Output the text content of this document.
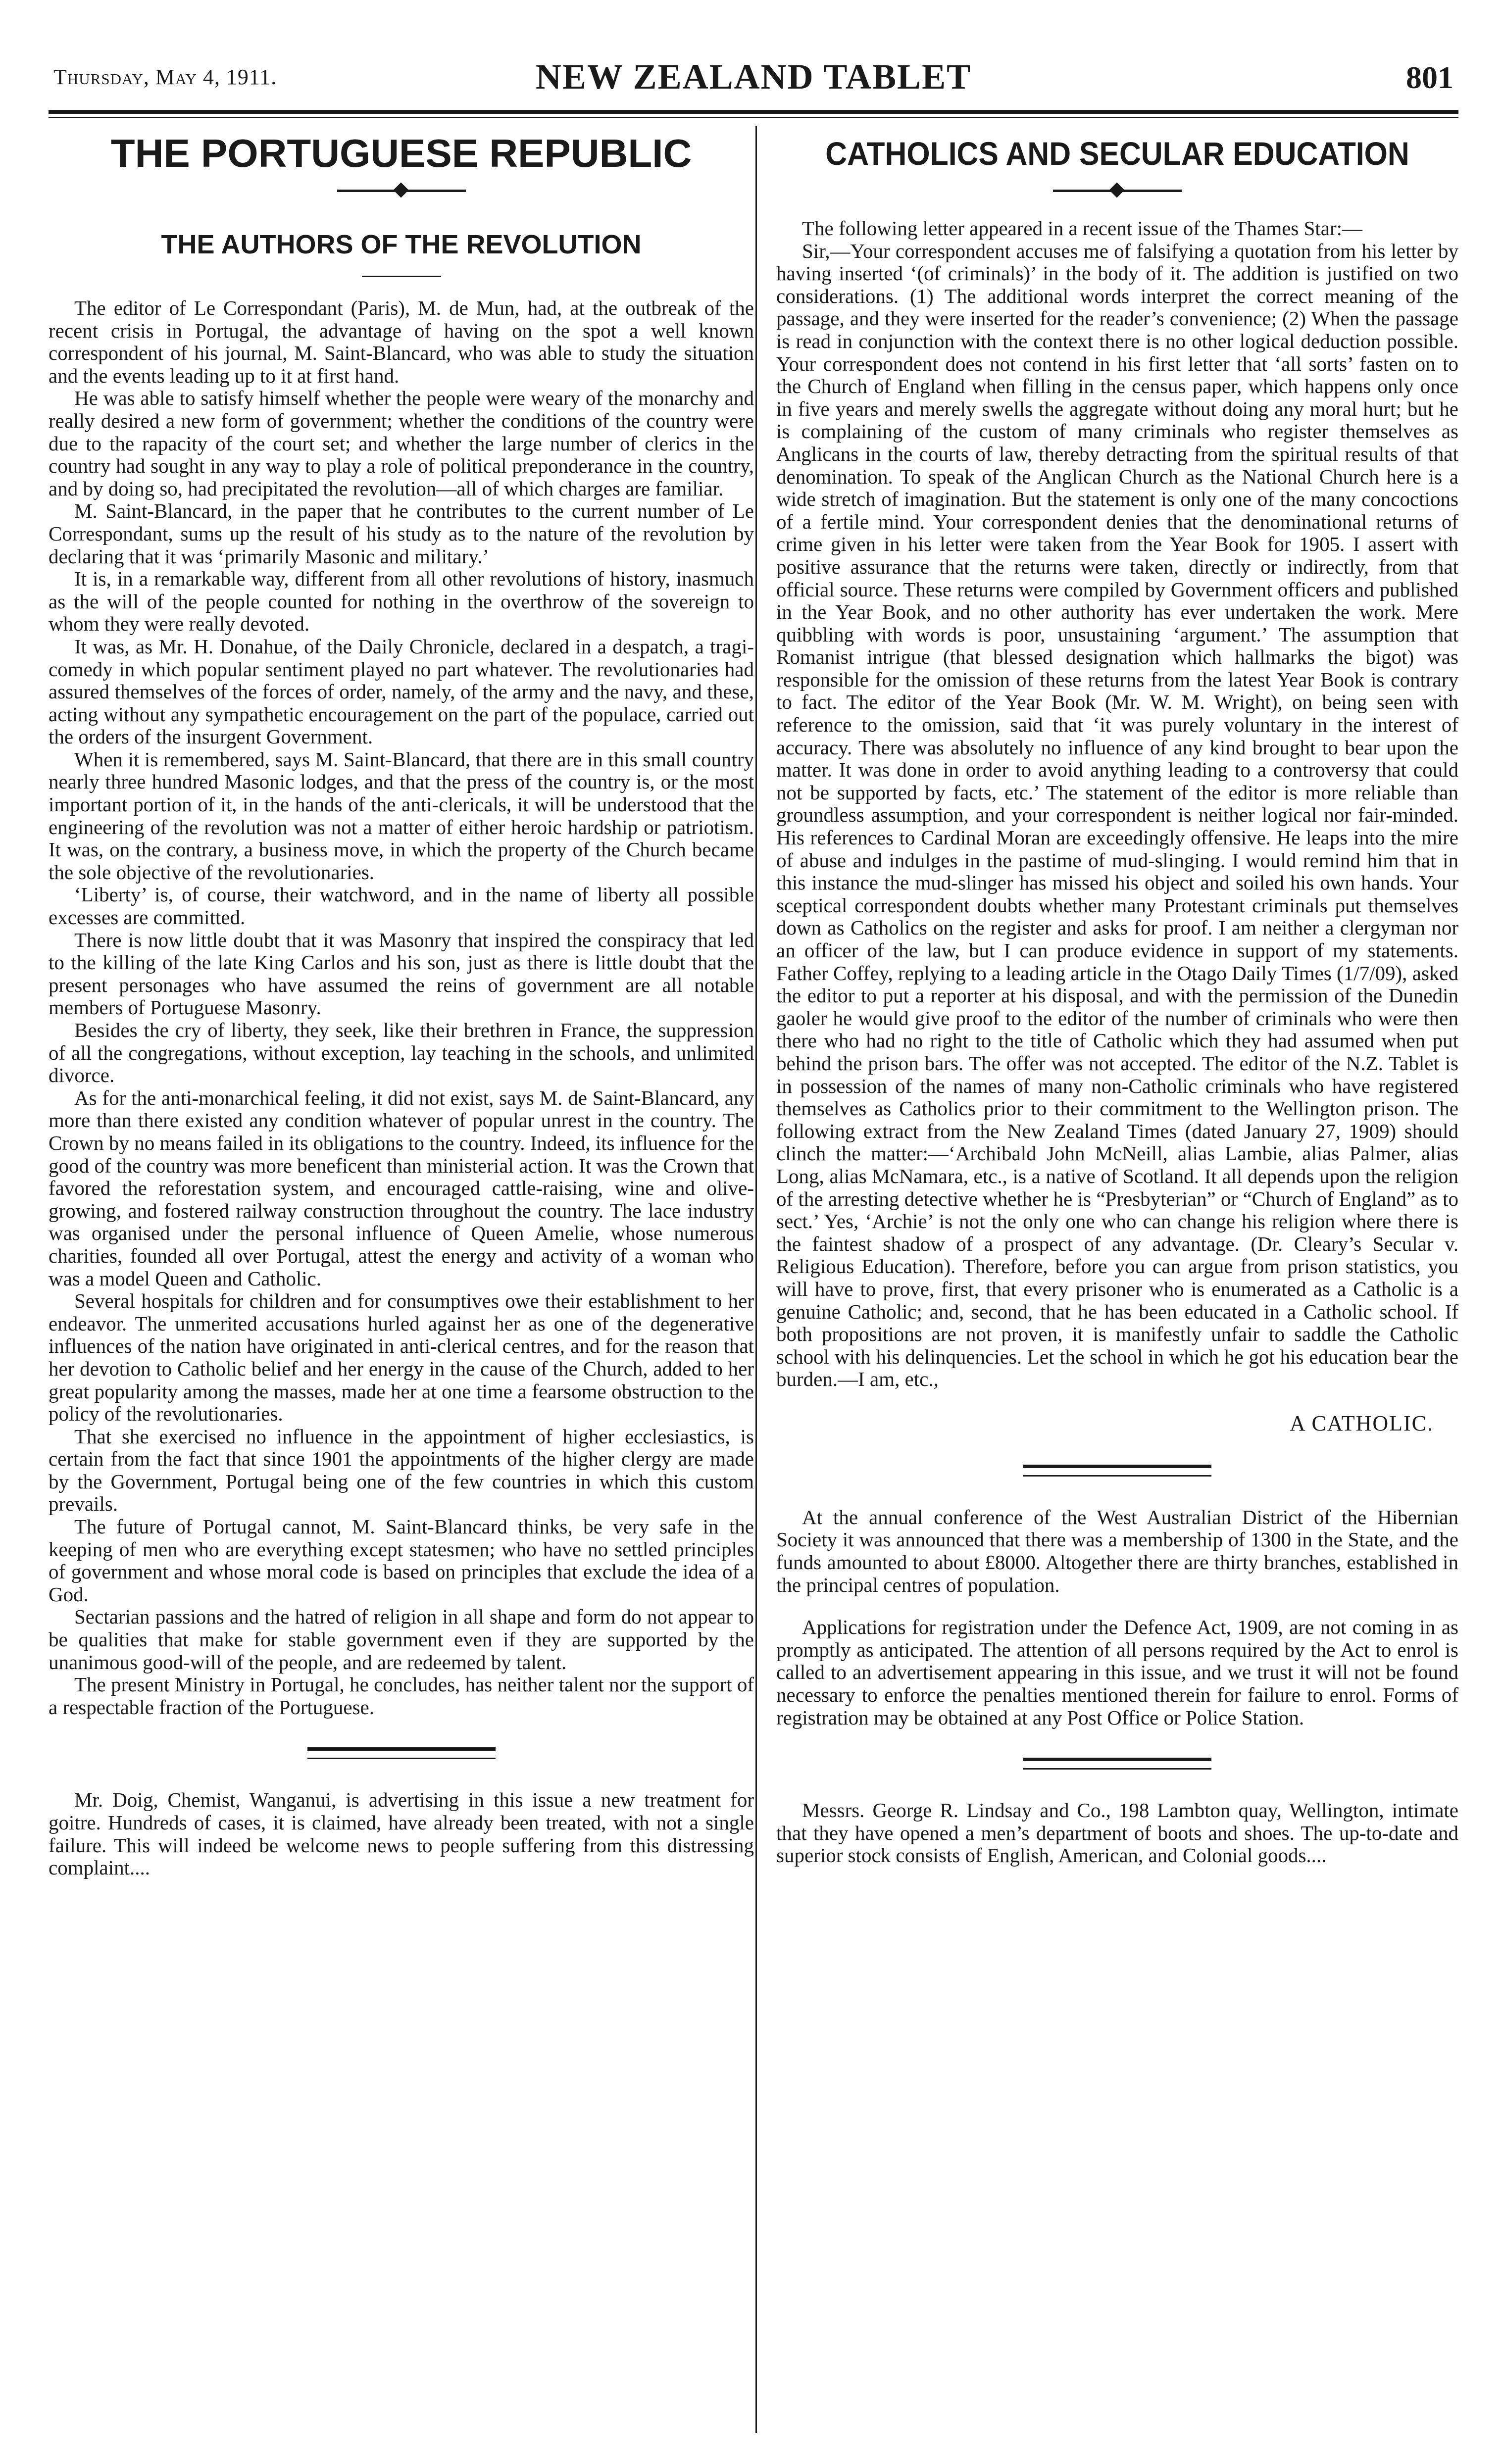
Thursday, May 4, 1911.	NEW ZEALAND TABLET	801
THE PORTUGUESE REPUBLIC
THE AUTHORS OF THE REVOLUTION

The editor of Le Correspondant (Paris), M. de Mun, had, at the outbreak of the recent crisis in Portugal, the advantage of having on the spot a well known correspondent of his journal, M. Saint-Blancard, who was able to study the situation and the events leading up to it at first hand.

He was able to satisfy himself whether the people were weary of the monarchy and really desired a new form of government; whether the conditions of the country were due to the rapacity of the court set; and whether the large number of clerics in the country had sought in any way to play a role of political preponderance in the country, and by doing so, had precipitated the revolution—all of which charges are familiar.

M. Saint-Blancard, in the paper that he contributes to the current number of Le Correspondant, sums up the result of his study as to the nature of the revolution by declaring that it was ‘primarily Masonic and military.’

It is, in a remarkable way, different from all other revolutions of history, inasmuch as the will of the people counted for nothing in the overthrow of the sovereign to whom they were really devoted.

It was, as Mr. H. Donahue, of the Daily Chronicle, declared in a despatch, a tragi-comedy in which popular sentiment played no part whatever. The revolutionaries had assured themselves of the forces of order, namely, of the army and the navy, and these, acting without any sympathetic encouragement on the part of the populace, carried out the orders of the insurgent Government.

When it is remembered, says M. Saint-Blancard, that there are in this small country nearly three hundred Masonic lodges, and that the press of the country is, or the most important portion of it, in the hands of the anti-clericals, it will be understood that the engineering of the revolution was not a matter of either heroic hardship or patriotism. It was, on the contrary, a business move, in which the property of the Church became the sole objective of the revolutionaries.

‘Liberty’ is, of course, their watchword, and in the name of liberty all possible excesses are committed.

There is now little doubt that it was Masonry that inspired the conspiracy that led to the killing of the late King Carlos and his son, just as there is little doubt that the present personages who have assumed the reins of government are all notable members of Portuguese Masonry.

Besides the cry of liberty, they seek, like their brethren in France, the suppression of all the congregations, without exception, lay teaching in the schools, and unlimited divorce.

As for the anti-monarchical feeling, it did not exist, says M. de Saint-Blancard, any more than there existed any condition whatever of popular unrest in the country. The Crown by no means failed in its obligations to the country. Indeed, its influence for the good of the country was more beneficent than ministerial action. It was the Crown that favored the reforestation system, and encouraged cattle-raising, wine and olive-growing, and fostered railway construction throughout the country. The lace industry was organised under the personal influence of Queen Amelie, whose numerous charities, founded all over Portugal, attest the energy and activity of a woman who was a model Queen and Catholic.

Several hospitals for children and for consumptives owe their establishment to her endeavor. The unmerited accusations hurled against her as one of the degenerative influences of the nation have originated in anti-clerical centres, and for the reason that her devotion to Catholic belief and her energy in the cause of the Church, added to her great popularity among the masses, made her at one time a fearsome obstruction to the policy of the revolutionaries.

That she exercised no influence in the appointment of higher ecclesiastics, is certain from the fact that since 1901 the appointments of the higher clergy are made by the Government, Portugal being one of the few countries in which this custom prevails.

The future of Portugal cannot, M. Saint-Blancard thinks, be very safe in the keeping of men who are everything except statesmen; who have no settled principles of government and whose moral code is based on principles that exclude the idea of a God.

Sectarian passions and the hatred of religion in all shape and form do not appear to be qualities that make for stable government even if they are supported by the unanimous good-will of the people, and are redeemed by talent.

The present Ministry in Portugal, he concludes, has neither talent nor the support of a respectable fraction of the Portuguese.

Mr. Doig, Chemist, Wanganui, is advertising in this issue a new treatment for goitre. Hundreds of cases, it is claimed, have already been treated, with not a single failure. This will indeed be welcome news to people suffering from this distressing complaint....

CATHOLICS AND SECULAR EDUCATION

The following letter appeared in a recent issue of the Thames Star:—

Sir,—Your correspondent accuses me of falsifying a quotation from his letter by having inserted ‘(of criminals)’ in the body of it. The addition is justified on two considerations. (1) The additional words interpret the correct meaning of the passage, and they were inserted for the reader’s convenience; (2) When the passage is read in conjunction with the context there is no other logical deduction possible. Your correspondent does not contend in his first letter that ‘all sorts’ fasten on to the Church of England when filling in the census paper, which happens only once in five years and merely swells the aggregate without doing any moral hurt; but he is complaining of the custom of many criminals who register themselves as Anglicans in the courts of law, thereby detracting from the spiritual results of that denomination. To speak of the Anglican Church as the National Church here is a wide stretch of imagination. But the statement is only one of the many concoctions of a fertile mind. Your correspondent denies that the denominational returns of crime given in his letter were taken from the Year Book for 1905. I assert with positive assurance that the returns were taken, directly or indirectly, from that official source. These returns were compiled by Government officers and published in the Year Book, and no other authority has ever undertaken the work. Mere quibbling with words is poor, unsustaining ‘argument.’ The assumption that Romanist intrigue (that blessed designation which hallmarks the bigot) was responsible for the omission of these returns from the latest Year Book is contrary to fact. The editor of the Year Book (Mr. W. M. Wright), on being seen with reference to the omission, said that ‘it was purely voluntary in the interest of accuracy. There was absolutely no influence of any kind brought to bear upon the matter. It was done in order to avoid anything leading to a controversy that could not be supported by facts, etc.’ The statement of the editor is more reliable than groundless assumption, and your correspondent is neither logical nor fair-minded. His references to Cardinal Moran are exceedingly offensive. He leaps into the mire of abuse and indulges in the pastime of mud-slinging. I would remind him that in this instance the mud-slinger has missed his object and soiled his own hands. Your sceptical correspondent doubts whether many Protestant criminals put themselves down as Catholics on the register and asks for proof. I am neither a clergyman nor an officer of the law, but I can produce evidence in support of my statements. Father Coffey, replying to a leading article in the Otago Daily Times (1/7/09), asked the editor to put a reporter at his disposal, and with the permission of the Dunedin gaoler he would give proof to the editor of the number of criminals who were then there who had no right to the title of Catholic which they had assumed when put behind the prison bars. The offer was not accepted. The editor of the N.Z. Tablet is in possession of the names of many non-Catholic criminals who have registered themselves as Catholics prior to their commitment to the Wellington prison. The following extract from the New Zealand Times (dated January 27, 1909) should clinch the matter:—‘Archibald John McNeill, alias Lambie, alias Palmer, alias Long, alias McNamara, etc., is a native of Scotland. It all depends upon the religion of the arresting detective whether he is “Presbyterian” or “Church of England” as to sect.’ Yes, ‘Archie’ is not the only one who can change his religion where there is the faintest shadow of a prospect of any advantage. (Dr. Cleary’s Secular v. Religious Education). Therefore, before you can argue from prison statistics, you will have to prove, first, that every prisoner who is enumerated as a Catholic is a genuine Catholic; and, second, that he has been educated in a Catholic school. If both propositions are not proven, it is manifestly unfair to saddle the Catholic school with his delinquencies. Let the school in which he got his education bear the burden.—I am, etc.,

A CATHOLIC.

At the annual conference of the West Australian District of the Hibernian Society it was announced that there was a membership of 1300 in the State, and the funds amounted to about £8000. Altogether there are thirty branches, established in the principal centres of population.

Applications for registration under the Defence Act, 1909, are not coming in as promptly as anticipated. The attention of all persons required by the Act to enrol is called to an advertisement appearing in this issue, and we trust it will not be found necessary to enforce the penalties mentioned therein for failure to enrol. Forms of registration may be obtained at any Post Office or Police Station.

Messrs. George R. Lindsay and Co., 198 Lambton quay, Wellington, intimate that they have opened a men’s department of boots and shoes. The up-to-date and superior stock consists of English, American, and Colonial goods....
